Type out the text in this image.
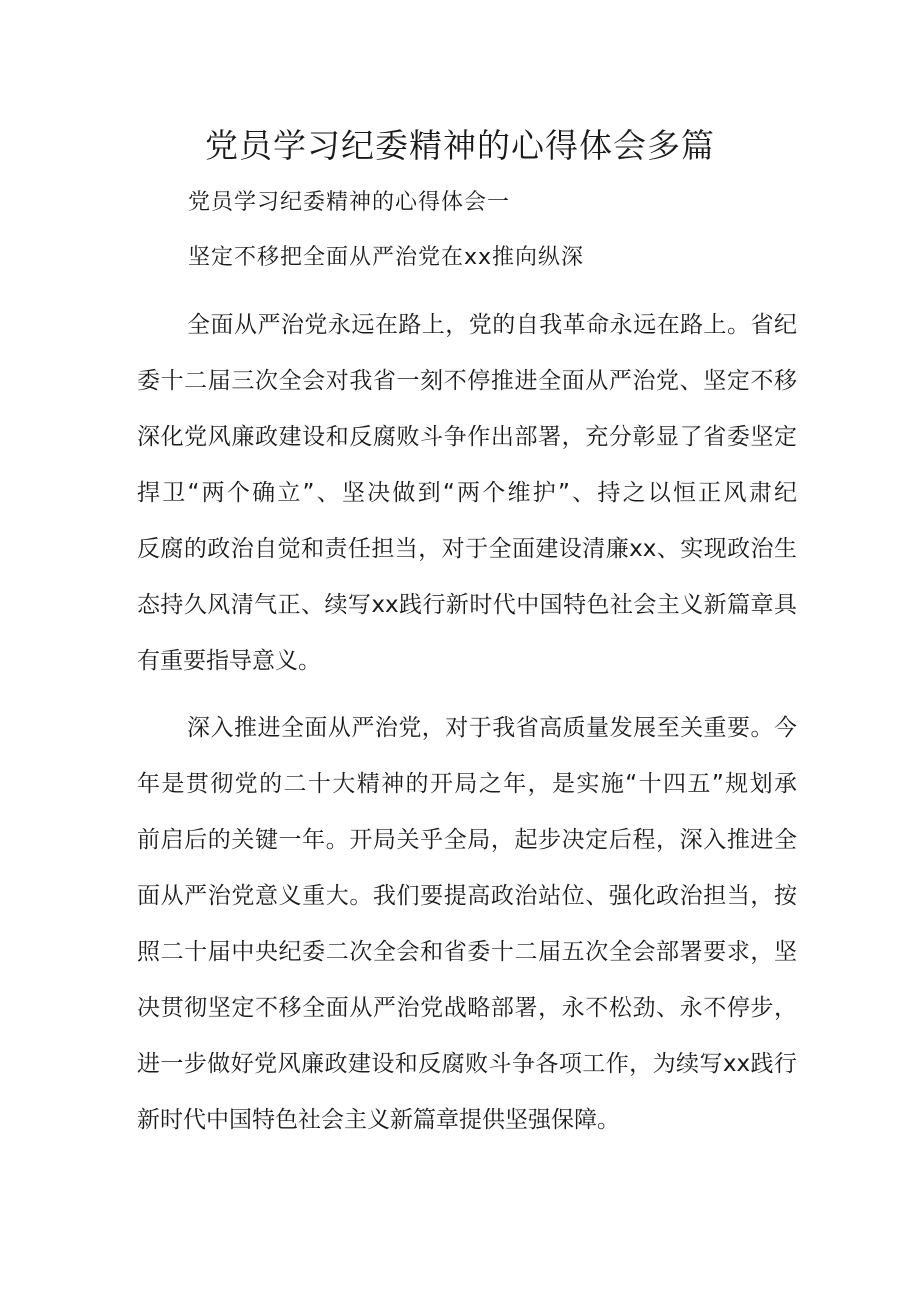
党员学习纪委精神的心得体会多篇
党员学习纪委精神的心得体会一
坚定不移把全面从严治党在xx推向纵深
全面从严治党永远在路上，党的自我革命永远在路上。省纪
委十二届三次全会对我省一刻不停推进全面从严治党、坚定不移
深化党风廉政建设和反腐败斗争作出部署，充分彰显了省委坚定
捍卫“两个确立”、坚决做到“两个维护”、持之以恒正风肃纪
反腐的政治自觉和责任担当，对于全面建设清廉xx、实现政治生
态持久风清气正、续写xx践行新时代中国特色社会主义新篇章具
有重要指导意义。
深入推进全面从严治党，对于我省高质量发展至关重要。今
年是贯彻党的二十大精神的开局之年，是实施“十四五”规划承
前启后的关键一年。开局关乎全局，起步决定后程，深入推进全
面从严治党意义重大。我们要提高政治站位、强化政治担当，按
照二十届中央纪委二次全会和省委十二届五次全会部署要求，坚
决贯彻坚定不移全面从严治党战略部署，永不松劲、永不停步，
进一步做好党风廉政建设和反腐败斗争各项工作，为续写xx践行
新时代中国特色社会主义新篇章提供坚强保障。
